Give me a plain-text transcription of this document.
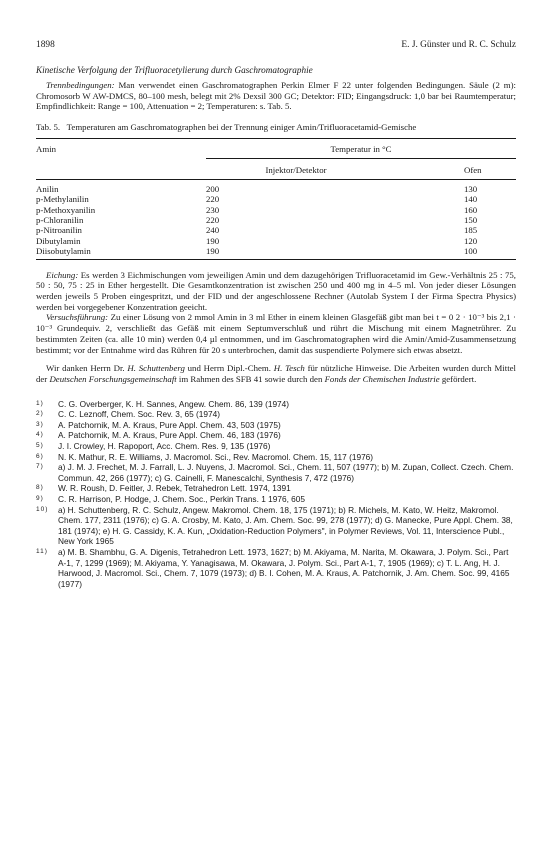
1898	E. J. Günster und R. C. Schulz
Kinetische Verfolgung der Trifluoracetylierung durch Gaschromatographie

Trennbedingungen: Man verwendet einen Gaschromatographen Perkin Elmer F 22 unter folgenden Bedingungen. Säule (2 m): Chromosorb W AW-DMCS, 80–100 mesh, belegt mit 2% Dexsil 300 GC; Detektor: FID; Eingangsdruck: 1,0 bar bei Raumtemperatur; Empfindlichkeit: Range = 100, Attenuation = 2; Temperaturen: s. Tab. 5.

Tab. 5. Temperaturen am Gaschromatographen bei der Trennung einiger Amin/Trifluoracetamid-Gemische
Amin	Temperatur in °C	
	Injektor/Detektor	Ofen

Anilin	200	130
p-Methylanilin	220	140
p-Methoxyanilin	230	160
p-Chloranilin	220	150
p-Nitroanilin	240	185
Dibutylamin	190	120
Diisobutylamin	190	100

Eichung: Es werden 3 Eichmischungen vom jeweiligen Amin und dem dazugehörigen Trifluoracetamid im Gew.-Verhältnis 25 : 75, 50 : 50, 75 : 25 in Ether hergestellt. Die Gesamtkonzentration ist zwischen 250 und 400 mg in 4–5 ml. Von jeder dieser Lösungen werden jeweils 5 Proben eingespritzt, und der FID und der angeschlossene Rechner (Autolab System I der Firma Spectra Physics) werden bei vorgegebener Konzentration geeicht.

Versuchsführung: Zu einer Lösung von 2 mmol Amin in 3 ml Ether in einem kleinen Glasgefäß gibt man bei t = 0 2 · 10⁻³ bis 2,1 · 10⁻³ Grundequiv. 2, verschließt das Gefäß mit einem Septumverschluß und rührt die Mischung mit einem Magnetrührer. Zu bestimmten Zeiten (ca. alle 10 min) werden 0,4 µl entnommen, und im Gaschromatographen wird die Amin/Amid-Zusammensetzung bestimmt; vor der Entnahme wird das Rühren für 20 s unterbrochen, damit das suspendierte Polymere sich etwas absetzt.

Wir danken Herrn Dr. H. Schuttenberg und Herrn Dipl.-Chem. H. Tesch für nützliche Hinweise. Die Arbeiten wurden durch Mittel der Deutschen Forschungsgemeinschaft im Rahmen des SFB 41 sowie durch den Fonds der Chemischen Industrie gefördert.

1)	C. G. Overberger, K. H. Sannes, Angew. Chem. 86, 139 (1974)
2)	C. C. Leznoff, Chem. Soc. Rev. 3, 65 (1974)
3)	A. Patchornik, M. A. Kraus, Pure Appl. Chem. 43, 503 (1975)
4)	A. Patchornik, M. A. Kraus, Pure Appl. Chem. 46, 183 (1976)
5)	J. I. Crowley, H. Rapoport, Acc. Chem. Res. 9, 135 (1976)
6)	N. K. Mathur, R. E. Williams, J. Macromol. Sci., Rev. Macromol. Chem. 15, 117 (1976)
7)	a) J. M. J. Frechet, M. J. Farrall, L. J. Nuyens, J. Macromol. Sci., Chem. 11, 507 (1977); b) M. Zupan, Collect. Czech. Chem. Commun. 42, 266 (1977); c) G. Cainelli, F. Manescalchi, Synthesis 7, 472 (1976)
8)	W. R. Roush, D. Feitler, J. Rebek, Tetrahedron Lett. 1974, 1391
9)	C. R. Harrison, P. Hodge, J. Chem. Soc., Perkin Trans. 1 1976, 605
10)	a) H. Schuttenberg, R. C. Schulz, Angew. Makromol. Chem. 18, 175 (1971); b) R. Michels, M. Kato, W. Heitz, Makromol. Chem. 177, 2311 (1976); c) G. A. Crosby, M. Kato, J. Am. Chem. Soc. 99, 278 (1977); d) G. Manecke, Pure Appl. Chem. 38, 181 (1974); e) H. G. Cassidy, K. A. Kun, „Oxidation-Reduction Polymers", in Polymer Reviews, Vol. 11, Interscience Publ., New York 1965
11)	a) M. B. Shambhu, G. A. Digenis, Tetrahedron Lett. 1973, 1627; b) M. Akiyama, M. Narita, M. Okawara, J. Polym. Sci., Part A-1, 7, 1299 (1969); M. Akiyama, Y. Yanagisawa, M. Okawara, J. Polym. Sci., Part A-1, 7, 1905 (1969); c) T. L. Ang, H. J. Harwood, J. Macromol. Sci., Chem. 7, 1079 (1973); d) B. I. Cohen, M. A. Kraus, A. Patchornik, J. Am. Chem. Soc. 99, 4165 (1977)
